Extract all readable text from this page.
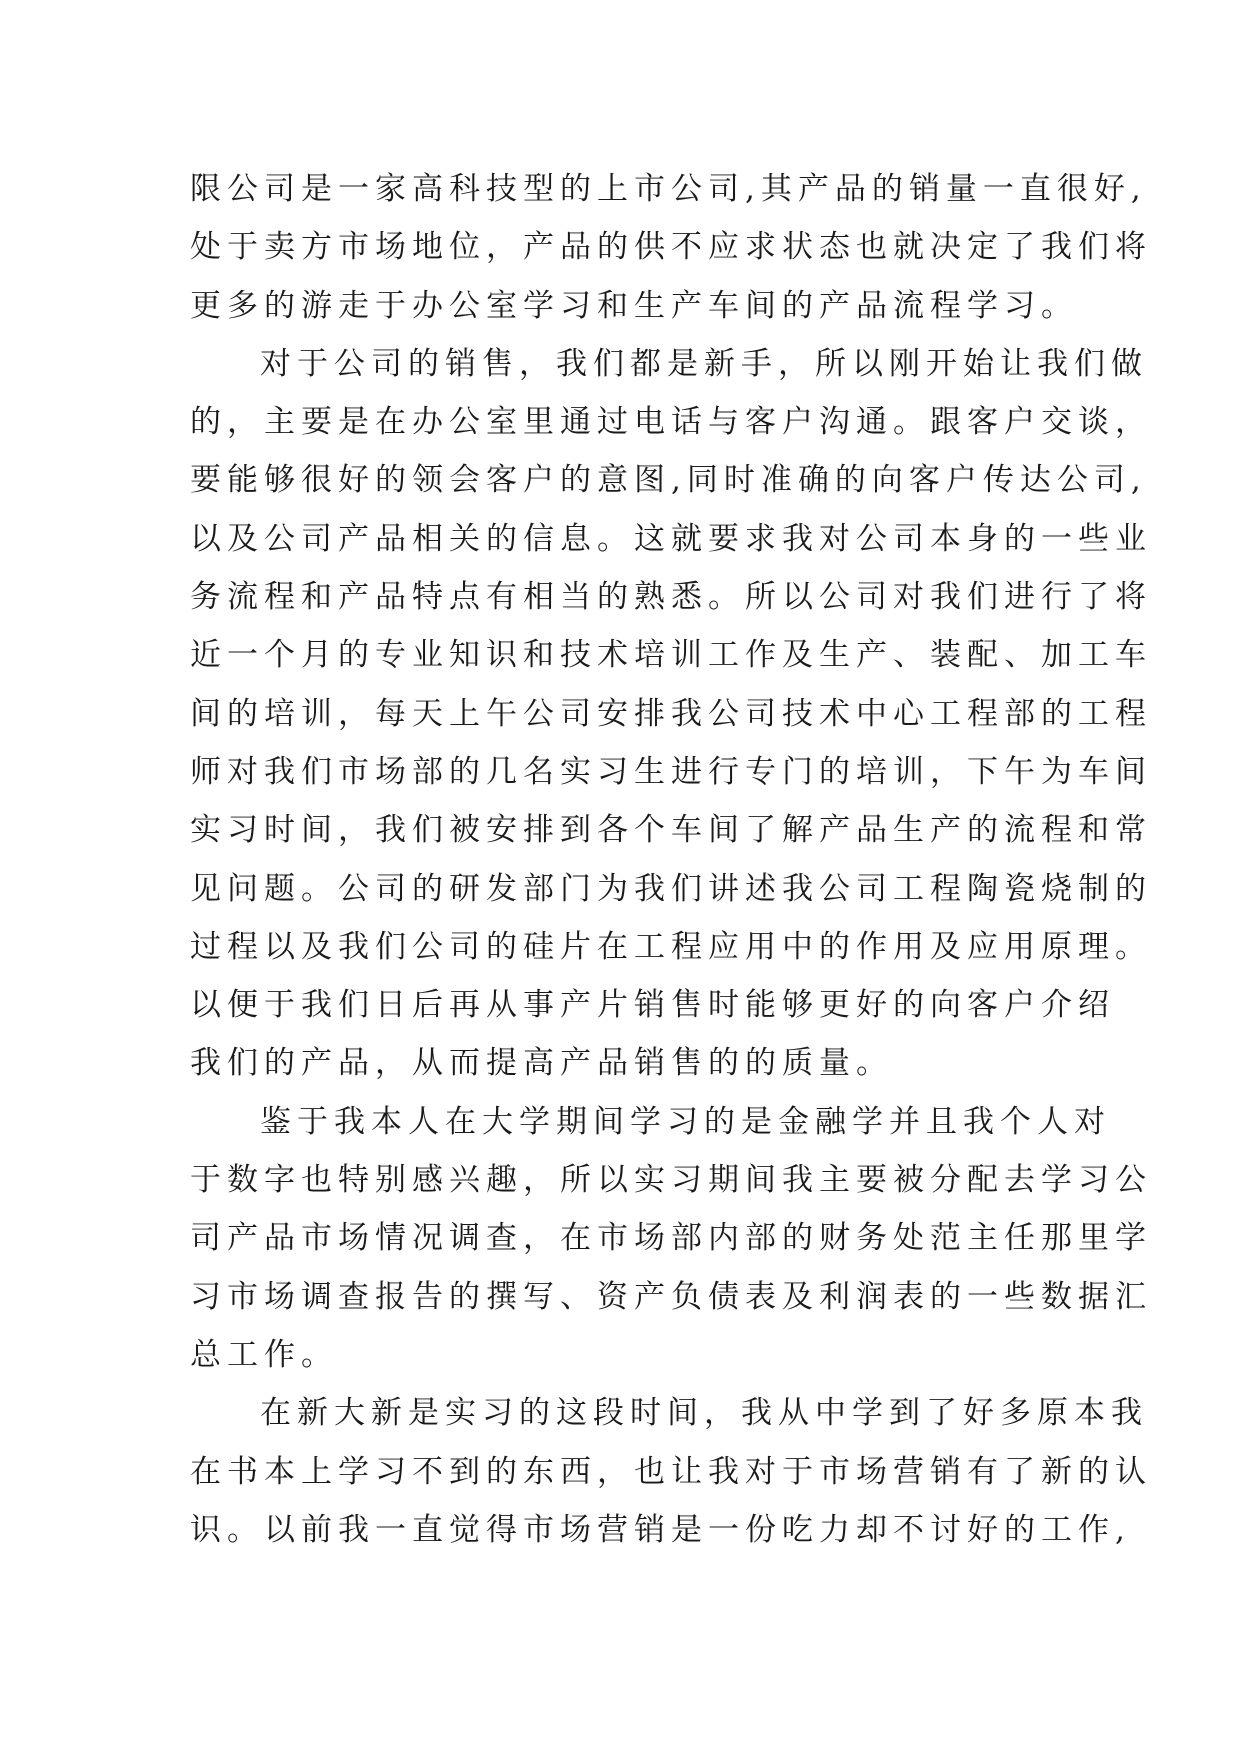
限公司是一家高科技型的上市公司,其产品的销量一直很好,
处于卖方市场地位，产品的供不应求状态也就决定了我们将
更多的游走于办公室学习和生产车间的产品流程学习。
对于公司的销售，我们都是新手，所以刚开始让我们做
的，主要是在办公室里通过电话与客户沟通。跟客户交谈，
要能够很好的领会客户的意图,同时准确的向客户传达公司,
以及公司产品相关的信息。这就要求我对公司本身的一些业
务流程和产品特点有相当的熟悉。所以公司对我们进行了将
近一个月的专业知识和技术培训工作及生产、装配、加工车
间的培训，每天上午公司安排我公司技术中心工程部的工程
师对我们市场部的几名实习生进行专门的培训，下午为车间
实习时间，我们被安排到各个车间了解产品生产的流程和常
见问题。公司的研发部门为我们讲述我公司工程陶瓷烧制的
过程以及我们公司的硅片在工程应用中的作用及应用原理。
以便于我们日后再从事产片销售时能够更好的向客户介绍
我们的产品，从而提高产品销售的的质量。
鉴于我本人在大学期间学习的是金融学并且我个人对
于数字也特别感兴趣，所以实习期间我主要被分配去学习公
司产品市场情况调查，在市场部内部的财务处范主任那里学
习市场调查报告的撰写、资产负债表及利润表的一些数据汇
总工作。
在新大新是实习的这段时间，我从中学到了好多原本我
在书本上学习不到的东西，也让我对于市场营销有了新的认
识。以前我一直觉得市场营销是一份吃力却不讨好的工作,
